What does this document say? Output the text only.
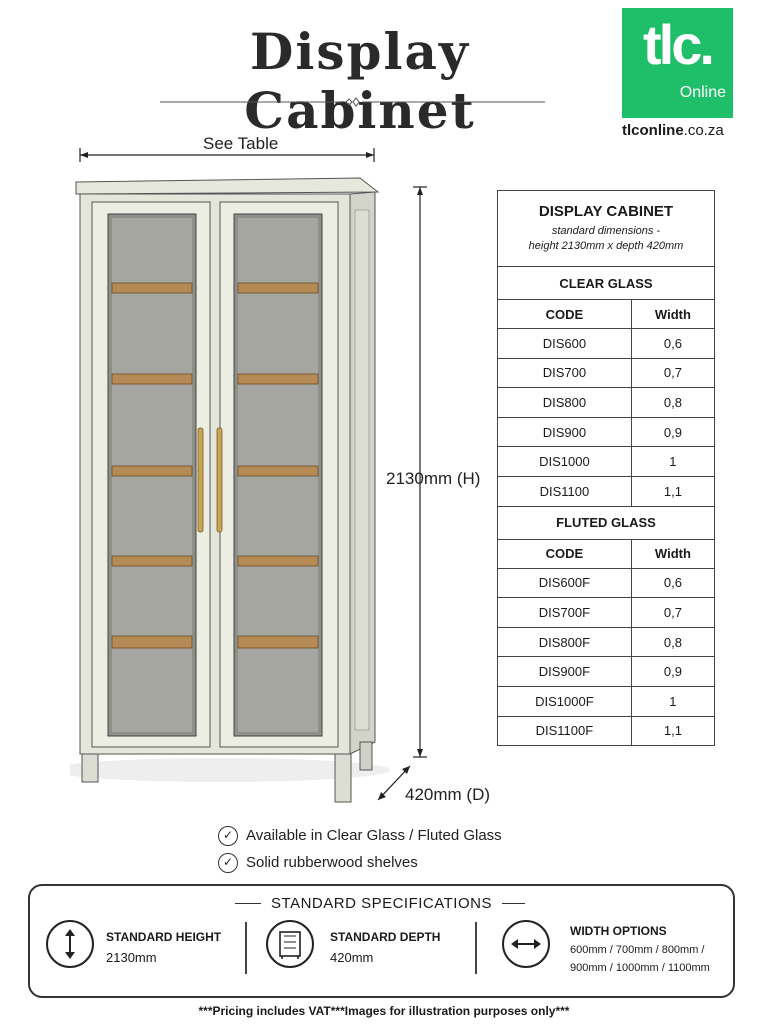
Display Cabinet
tlc.
Online
tlconline.co.za
See Table
2130mm (H)
420mm (D)
DISPLAY CABINET
standard dimensions -
height 2130mm x depth 420mm	

CLEAR GLASS	
CODE	Width
DIS600	0,6
DIS700	0,7
DIS800	0,8
DIS900	0,9
DIS1000	1
DIS1100	1,1
FLUTED GLASS	
CODE	Width
DIS600F	0,6
DIS700F	0,7
DIS800F	0,8
DIS900F	0,9
DIS1000F	1
DIS1100F	1,1
✓ Available in Clear Glass / Fluted Glass
✓ Solid rubberwood shelves
STANDARD SPECIFICATIONS
STANDARD HEIGHT
2130mm
STANDARD DEPTH
420mm
WIDTH OPTIONS
600mm / 700mm / 800mm /
900mm / 1000mm / 1100mm
***Pricing includes VAT***Images for illustration purposes only***
